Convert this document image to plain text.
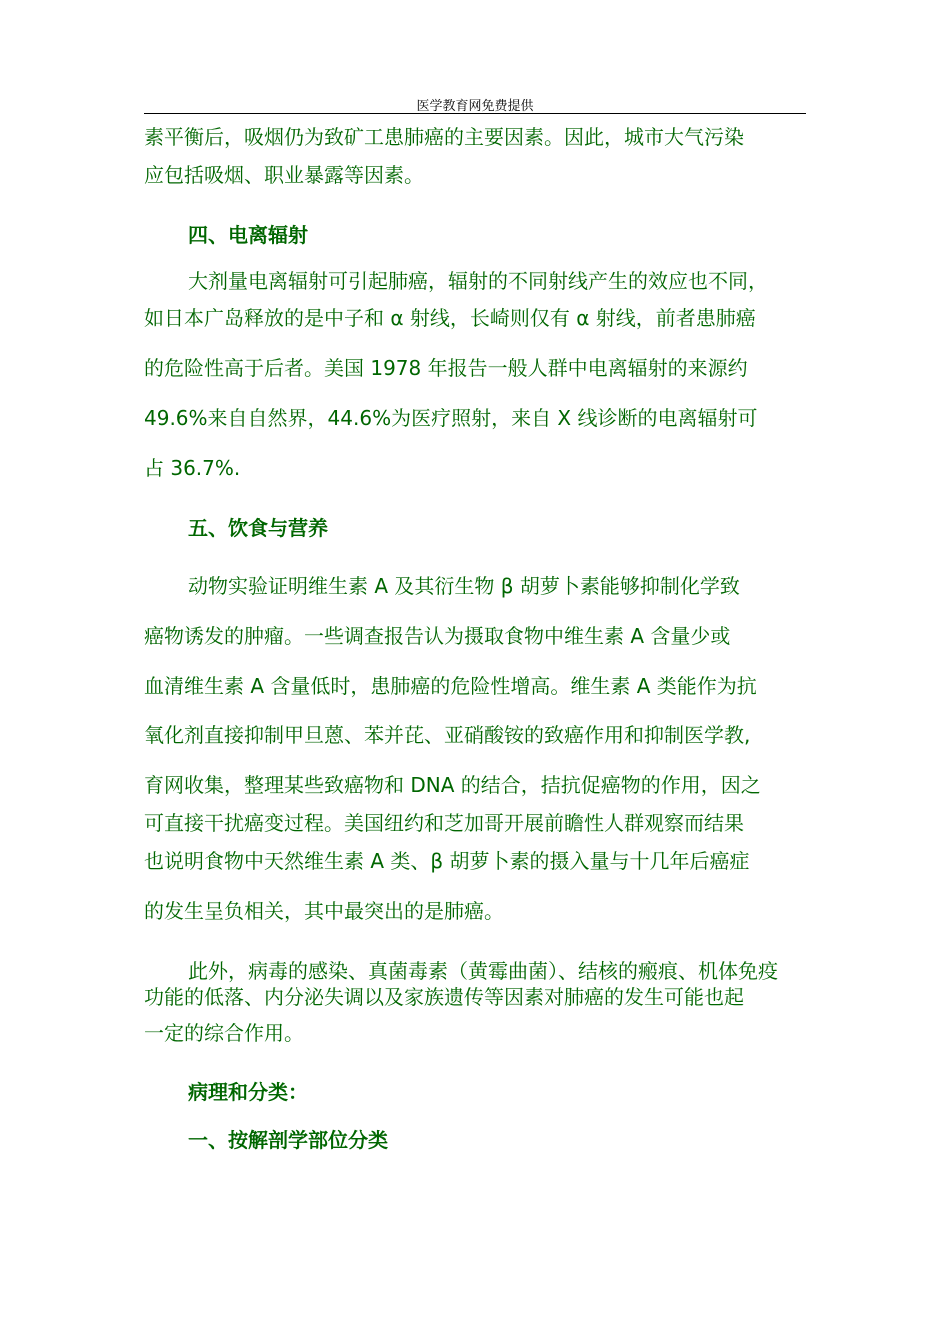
医学教育网免费提供
素平衡后，吸烟仍为致矿工患肺癌的主要因素。因此，城市大气污染
应包括吸烟、职业暴露等因素。
四、电离辐射
大剂量电离辐射可引起肺癌，辐射的不同射线产生的效应也不同，
如日本广岛释放的是中子和 α 射线，长崎则仅有 α 射线，前者患肺癌
的危险性高于后者。美国 1978 年报告一般人群中电离辐射的来源约
49.6%来自自然界，44.6%为医疗照射，来自 X 线诊断的电离辐射可
占 36.7%.
五、饮食与营养
动物实验证明维生素 A 及其衍生物 β 胡萝卜素能够抑制化学致
癌物诱发的肿瘤。一些调查报告认为摄取食物中维生素 A 含量少或
血清维生素 A 含量低时，患肺癌的危险性增高。维生素 A 类能作为抗
氧化剂直接抑制甲旦蒽、苯并芘、亚硝酸铵的致癌作用和抑制医学教,
育网收集，整理某些致癌物和 DNA 的结合，拮抗促癌物的作用，因之
可直接干扰癌变过程。美国纽约和芝加哥开展前瞻性人群观察而结果
也说明食物中天然维生素 A 类、β 胡萝卜素的摄入量与十几年后癌症
的发生呈负相关，其中最突出的是肺癌。
此外，病毒的感染、真菌毒素（黄霉曲菌）、结核的瘢痕、机体免疫
功能的低落、内分泌失调以及家族遗传等因素对肺癌的发生可能也起
一定的综合作用。
病理和分类：
一、按解剖学部位分类
